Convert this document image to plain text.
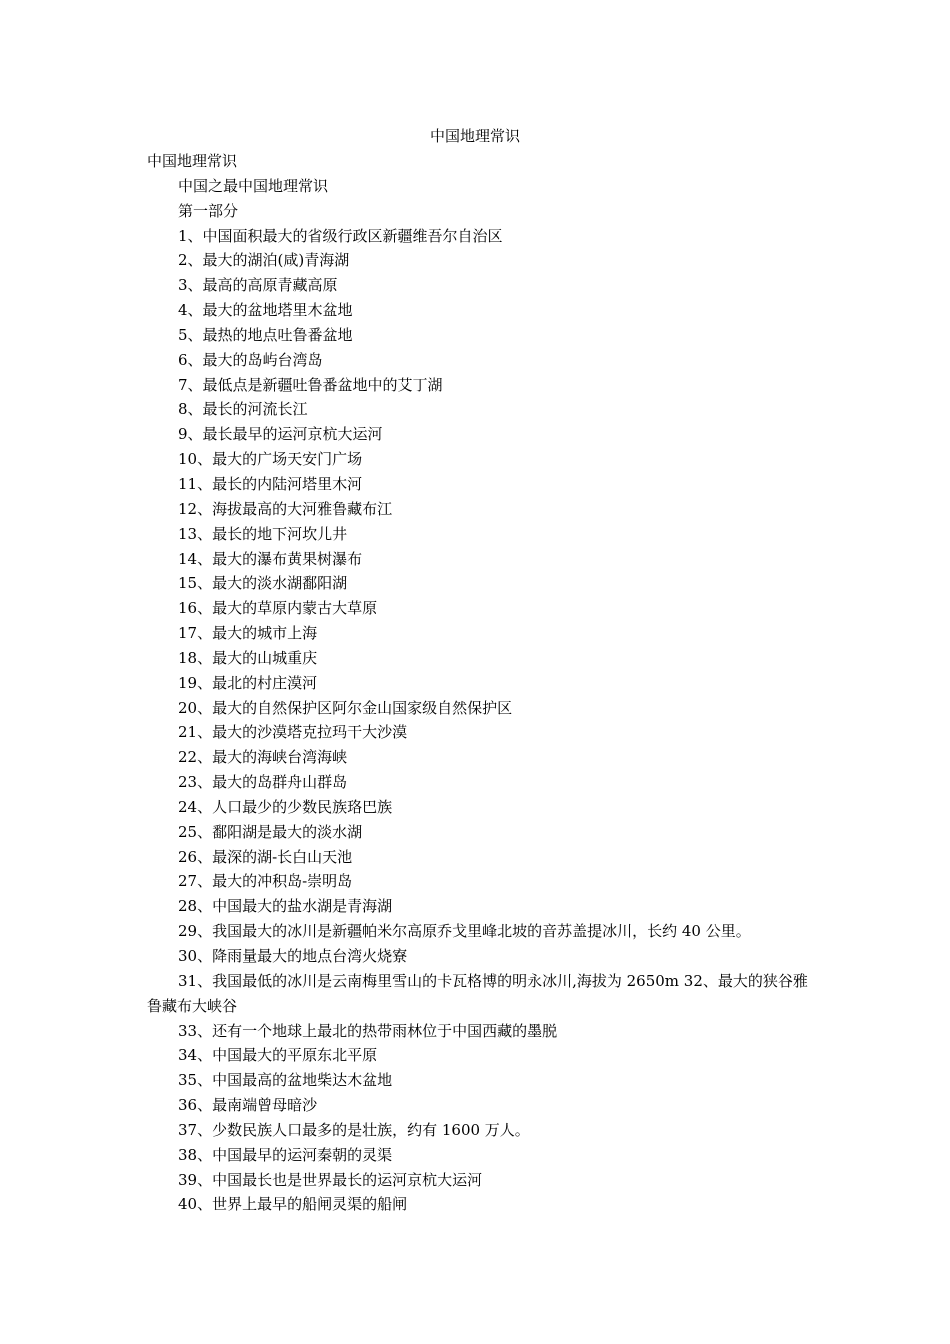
中国地理常识

中国地理常识

中国之最中国地理常识

第一部分

1、中国面积最大的省级行政区新疆维吾尔自治区

2、最大的湖泊(咸)青海湖

3、最高的高原青藏高原

4、最大的盆地塔里木盆地

5、最热的地点吐鲁番盆地

6、最大的岛屿台湾岛

7、最低点是新疆吐鲁番盆地中的艾丁湖

8、最长的河流长江

9、最长最早的运河京杭大运河

10、最大的广场天安门广场

11、最长的内陆河塔里木河

12、海拔最高的大河雅鲁藏布江

13、最长的地下河坎儿井

14、最大的瀑布黄果树瀑布

15、最大的淡水湖鄱阳湖

16、最大的草原内蒙古大草原

17、最大的城市上海

18、最大的山城重庆

19、最北的村庄漠河

20、最大的自然保护区阿尔金山国家级自然保护区

21、最大的沙漠塔克拉玛干大沙漠

22、最大的海峡台湾海峡

23、最大的岛群舟山群岛

24、人口最少的少数民族珞巴族

25、鄱阳湖是最大的淡水湖

26、最深的湖-长白山天池

27、最大的冲积岛-崇明岛

28、中国最大的盐水湖是青海湖

29、我国最大的冰川是新疆帕米尔高原乔戈里峰北坡的音苏盖提冰川，长约 40 公里。

30、降雨量最大的地点台湾火烧寮

31、我国最低的冰川是云南梅里雪山的卡瓦格博的明永冰川,海拔为 2650m 32、最大的狭谷雅鲁藏布大峡谷

33、还有一个地球上最北的热带雨林位于中国西藏的墨脱

34、中国最大的平原东北平原

35、中国最高的盆地柴达木盆地

36、最南端曾母暗沙

37、少数民族人口最多的是壮族，约有 1600 万人。

38、中国最早的运河秦朝的灵渠

39、中国最长也是世界最长的运河京杭大运河

40、世界上最早的船闸灵渠的船闸
